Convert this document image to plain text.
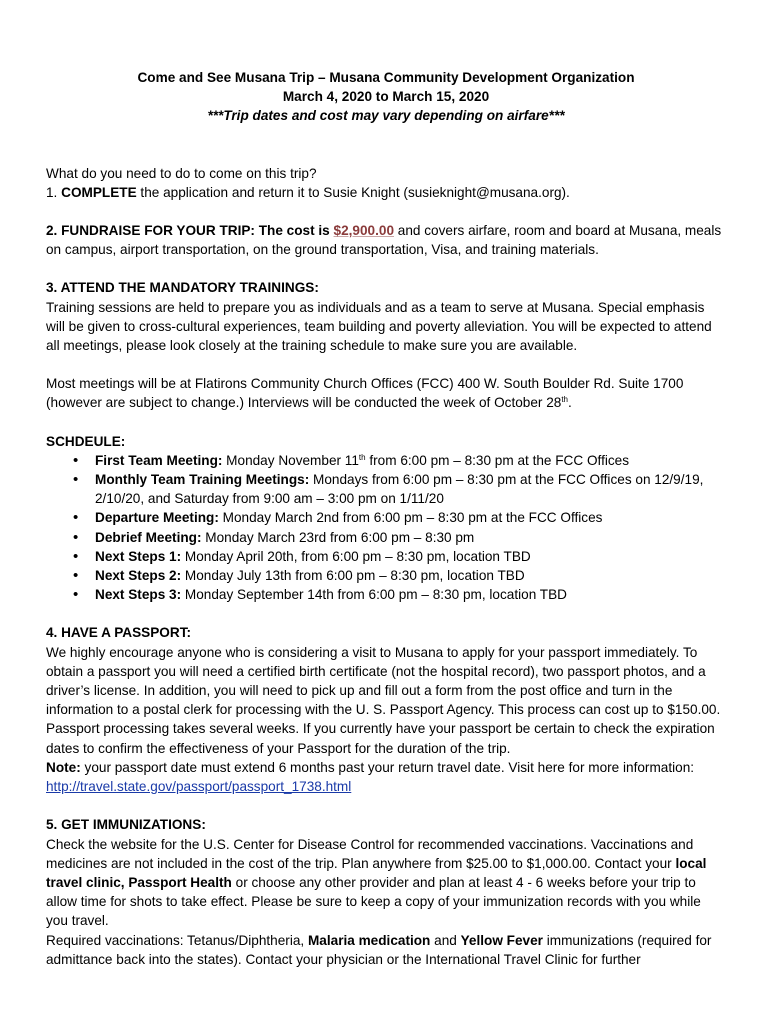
Come and See Musana Trip – Musana Community Development Organization
March 4, 2020 to March 15, 2020
***Trip dates and cost may vary depending on airfare***

What do you need to do to come on this trip?

1. COMPLETE the application and return it to Susie Knight (susieknight@musana.org).

2. FUNDRAISE FOR YOUR TRIP: The cost is $2,900.00 and covers airfare, room and board at Musana, meals on campus, airport transportation, on the ground transportation, Visa, and training materials.

3. ATTEND THE MANDATORY TRAININGS:

Training sessions are held to prepare you as individuals and as a team to serve at Musana. Special emphasis will be given to cross-cultural experiences, team building and poverty alleviation. You will be expected to attend all meetings, please look closely at the training schedule to make sure you are available.

Most meetings will be at Flatirons Community Church Offices (FCC) 400 W. South Boulder Rd. Suite 1700 (however are subject to change.) Interviews will be conducted the week of October 28th.

SCHDEULE:

• First Team Meeting: Monday November 11th from 6:00 pm – 8:30 pm at the FCC Offices
• Monthly Team Training Meetings: Mondays from 6:00 pm – 8:30 pm at the FCC Offices on 12/9/19, 2/10/20, and Saturday from 9:00 am – 3:00 pm on 1/11/20
• Departure Meeting: Monday March 2nd from 6:00 pm – 8:30 pm at the FCC Offices
• Debrief Meeting: Monday March 23rd from 6:00 pm – 8:30 pm
• Next Steps 1: Monday April 20th, from 6:00 pm – 8:30 pm, location TBD
• Next Steps 2: Monday July 13th from 6:00 pm – 8:30 pm, location TBD
• Next Steps 3: Monday September 14th from 6:00 pm – 8:30 pm, location TBD

4. HAVE A PASSPORT:

We highly encourage anyone who is considering a visit to Musana to apply for your passport immediately. To obtain a passport you will need a certified birth certificate (not the hospital record), two passport photos, and a driver’s license. In addition, you will need to pick up and fill out a form from the post office and turn in the information to a postal clerk for processing with the U. S. Passport Agency. This process can cost up to $150.00. Passport processing takes several weeks. If you currently have your passport be certain to check the expiration dates to confirm the effectiveness of your Passport for the duration of the trip.

Note: your passport date must extend 6 months past your return travel date. Visit here for more information:

http://travel.state.gov/passport/passport_1738.html

5. GET IMMUNIZATIONS:

Check the website for the U.S. Center for Disease Control for recommended vaccinations. Vaccinations and medicines are not included in the cost of the trip. Plan anywhere from $25.00 to $1,000.00. Contact your local travel clinic, Passport Health or choose any other provider and plan at least 4 - 6 weeks before your trip to allow time for shots to take effect. Please be sure to keep a copy of your immunization records with you while you travel.

Required vaccinations: Tetanus/Diphtheria, Malaria medication and Yellow Fever immunizations (required for admittance back into the states). Contact your physician or the International Travel Clinic for further
